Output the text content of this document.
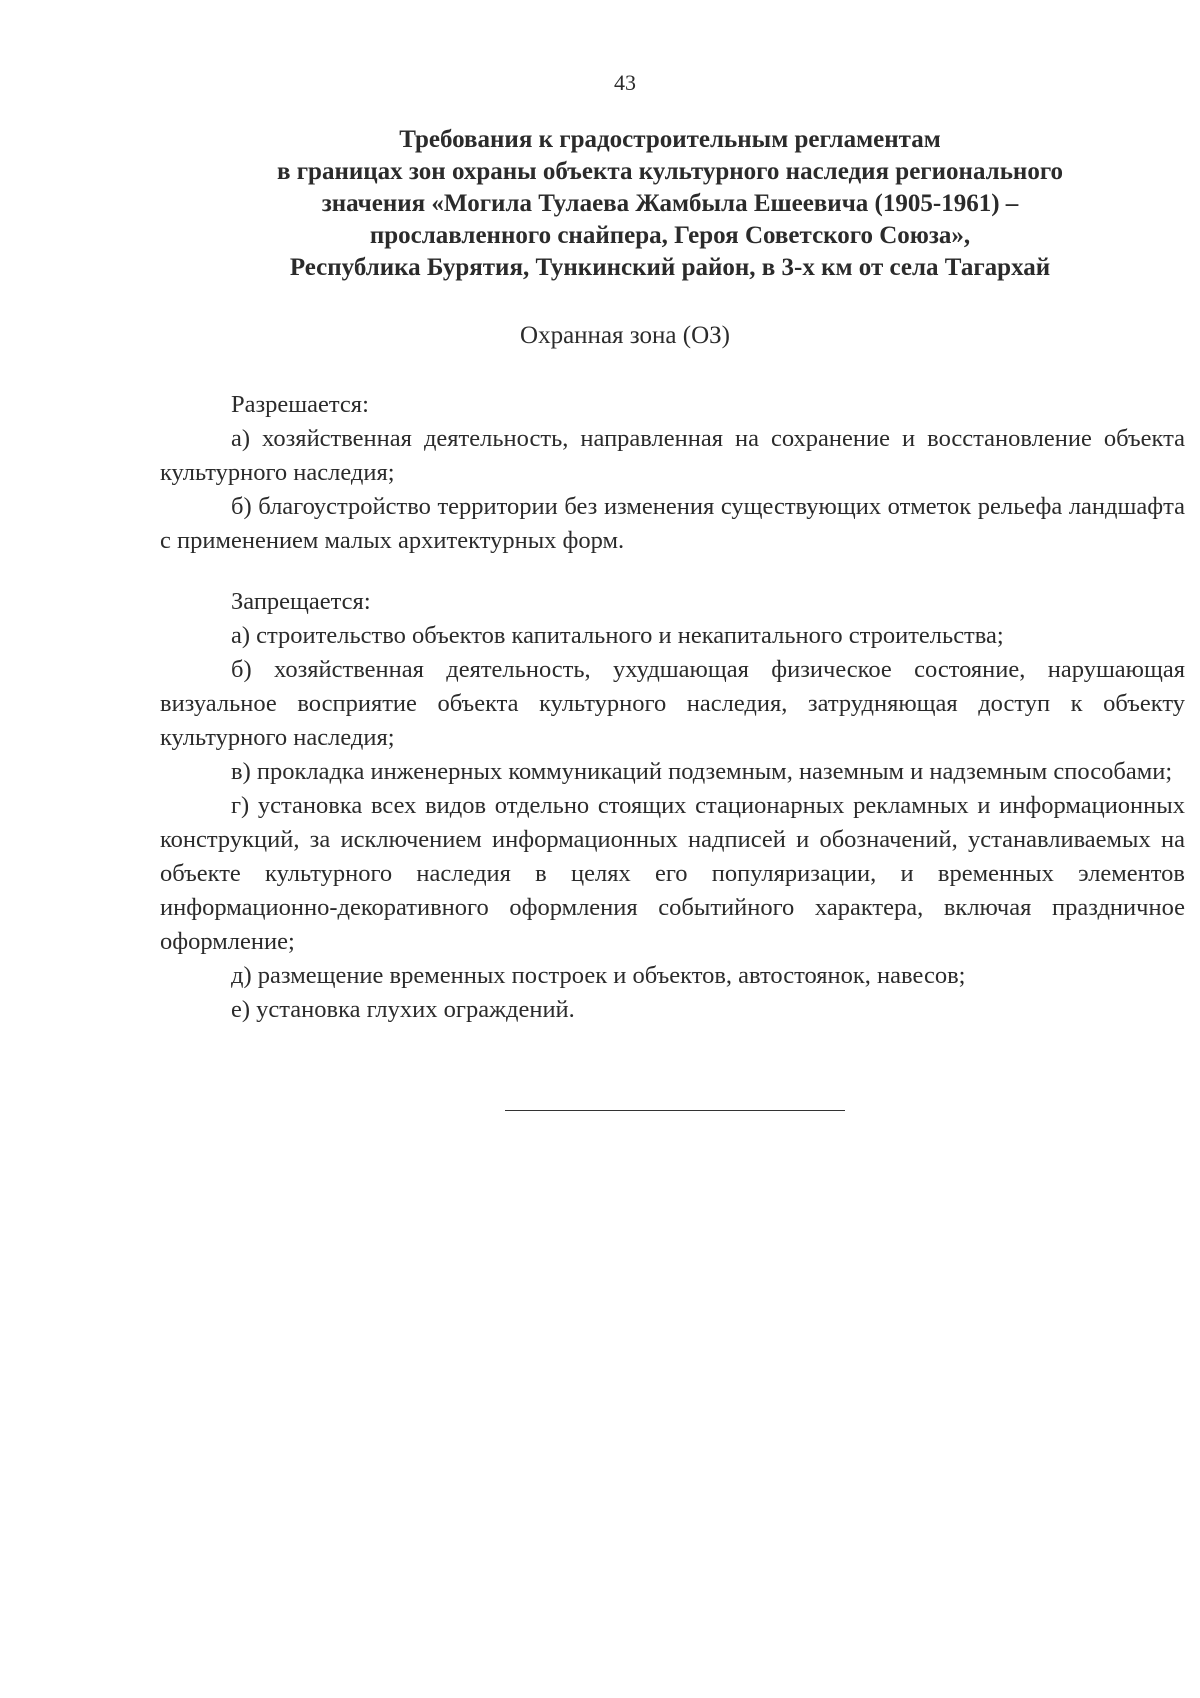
43
Требования к градостроительным регламентам
в границах зон охраны объекта культурного наследия регионального
значения «Могила Тулаева Жамбыла Ешеевича (1905-1961) –
прославленного снайпера, Героя Советского Союза»,
Республика Бурятия, Тункинский район, в 3-х км от села Тагархай
Охранная зона (ОЗ)
Разрешается:

а) хозяйственная деятельность, направленная на сохранение и восстановление объекта культурного наследия;

б) благоустройство территории без изменения существующих отметок рельефа ландшафта с применением малых архитектурных форм.

Запрещается:

а) строительство объектов капитального и некапитального строительства;

б) хозяйственная деятельность, ухудшающая физическое состояние, нарушающая визуальное восприятие объекта культурного наследия, затрудняющая доступ к объекту культурного наследия;

в) прокладка инженерных коммуникаций подземным, наземным и надземным способами;

г) установка всех видов отдельно стоящих стационарных рекламных и информационных конструкций, за исключением информационных надписей и обозначений, устанавливаемых на объекте культурного наследия в целях его популяризации, и временных элементов информационно-декоративного оформления событийного характера, включая праздничное оформление;

д) размещение временных построек и объектов, автостоянок, навесов;

е) установка глухих ограждений.
